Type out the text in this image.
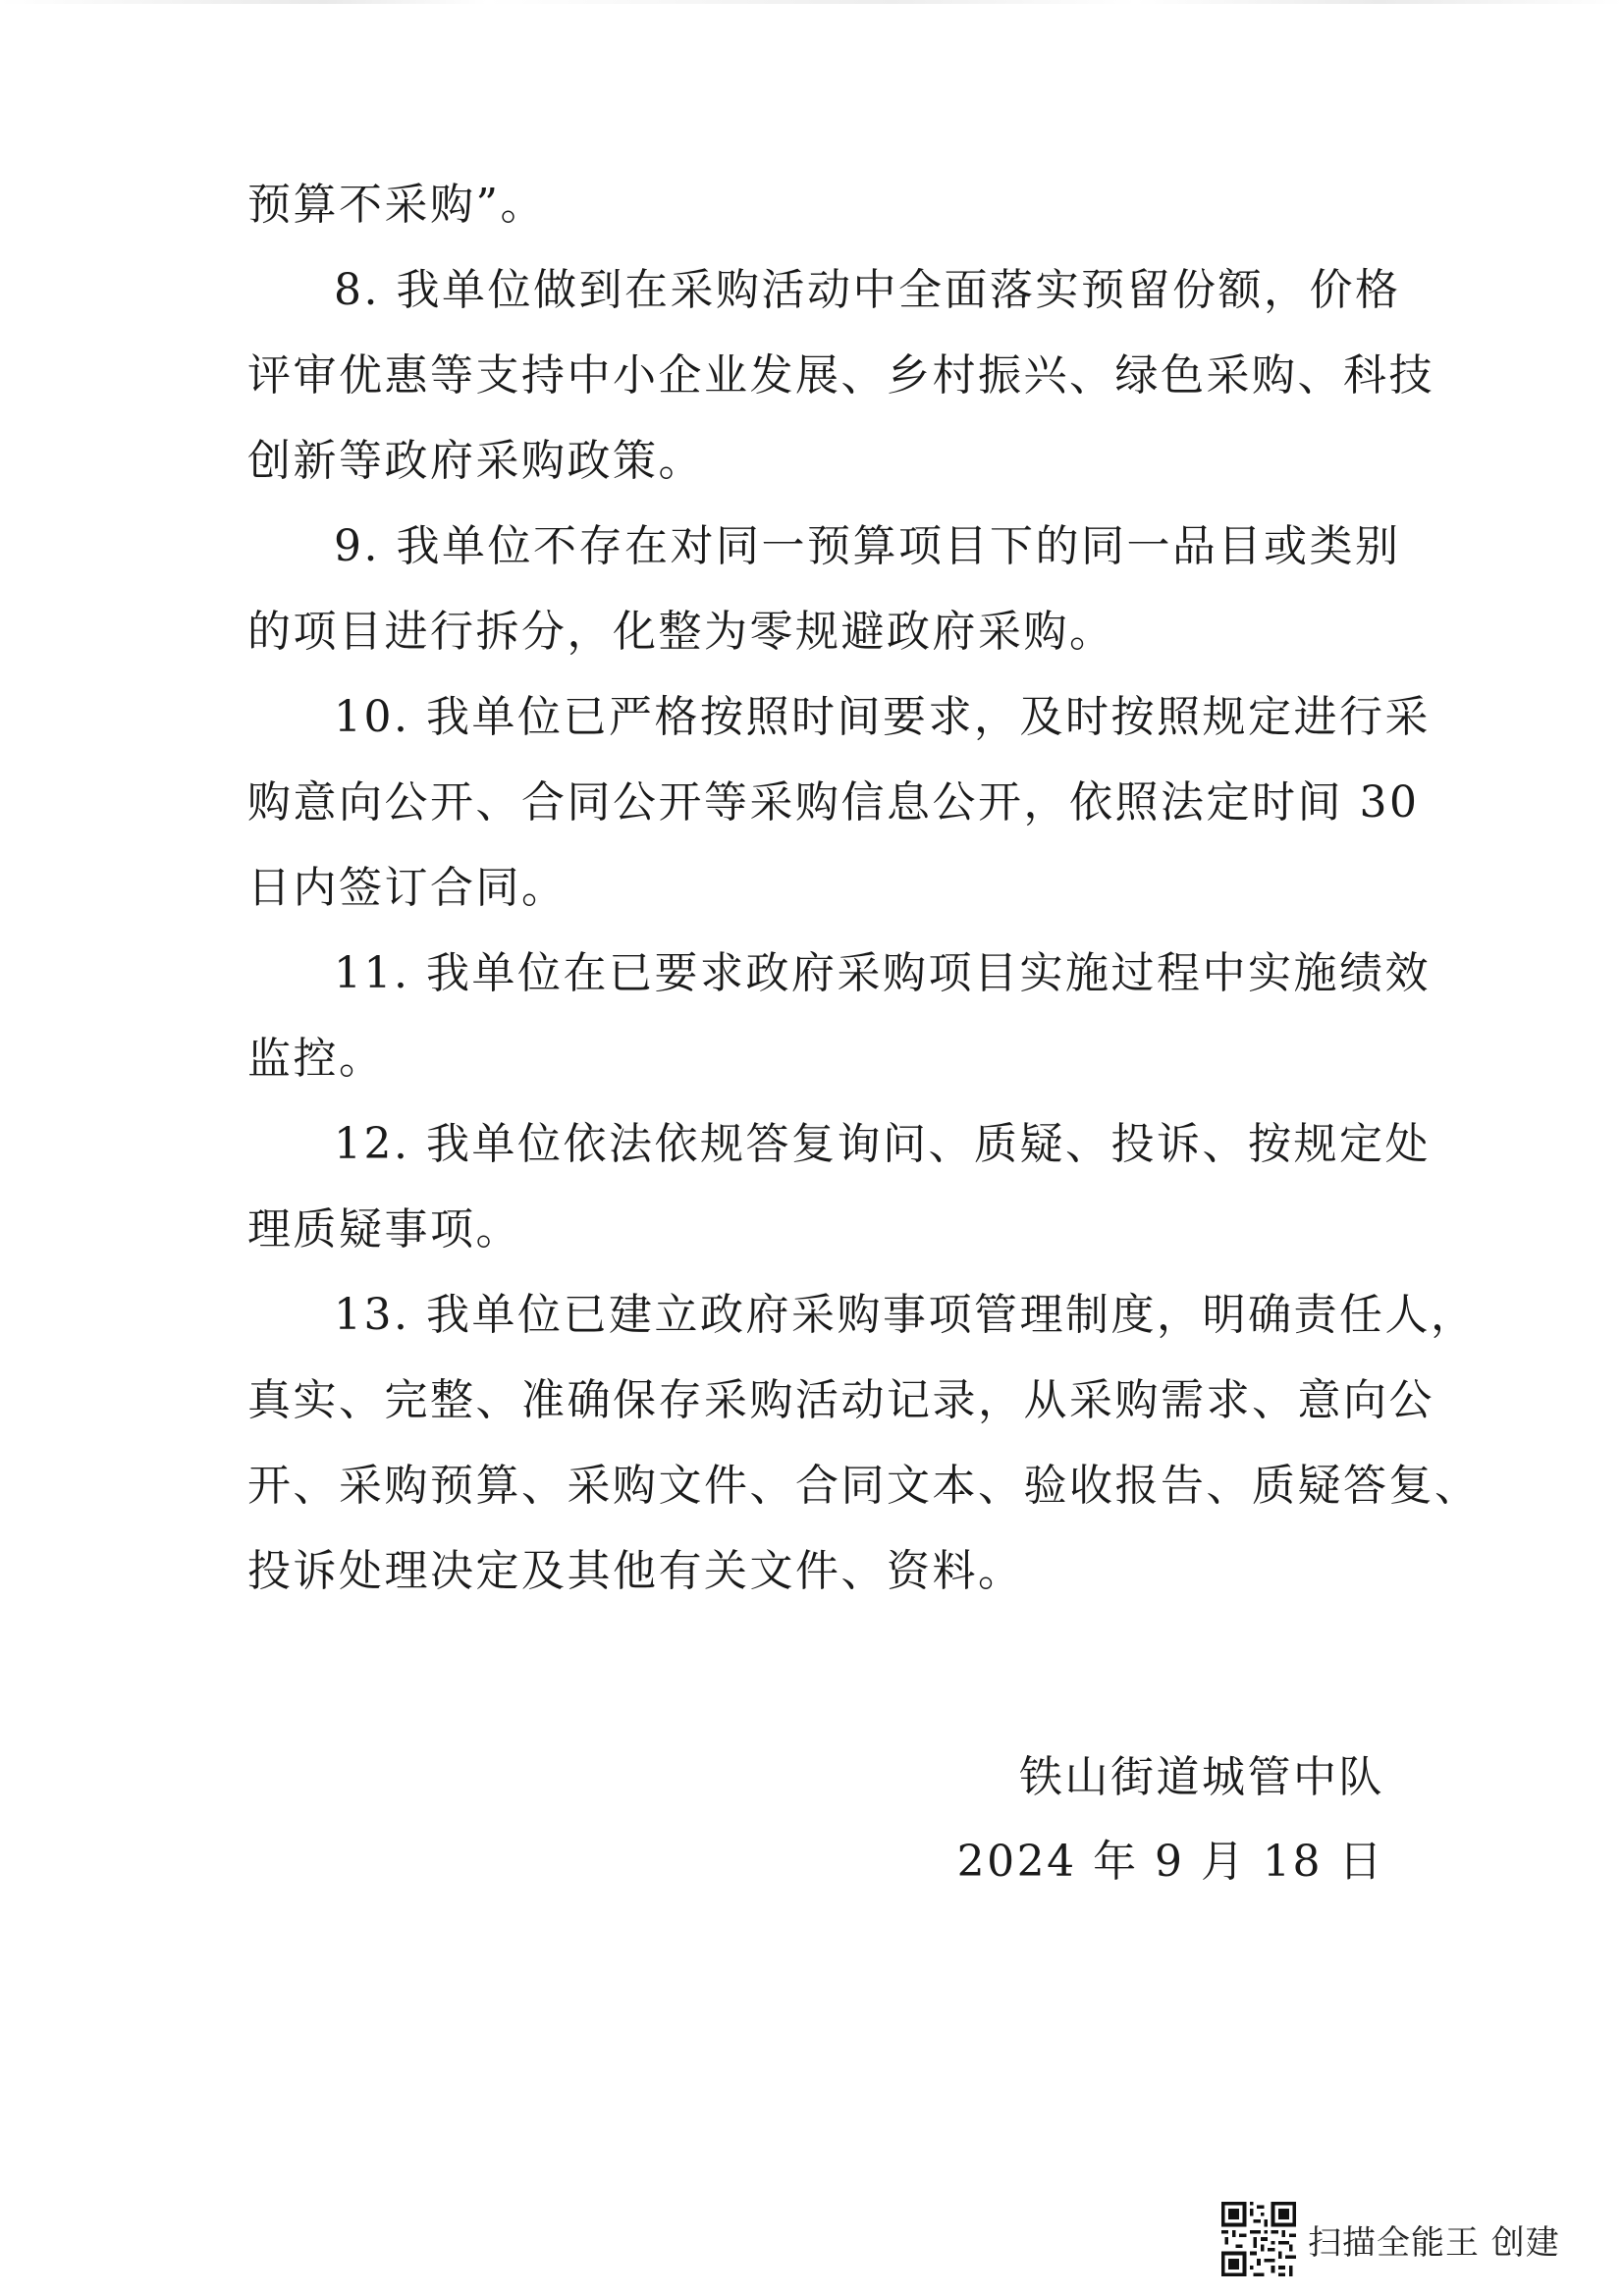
预算不采购”。
8. 我单位做到在采购活动中全面落实预留份额，价格
评审优惠等支持中小企业发展、乡村振兴、绿色采购、科技
创新等政府采购政策。
9. 我单位不存在对同一预算项目下的同一品目或类别
的项目进行拆分，化整为零规避政府采购。
10. 我单位已严格按照时间要求，及时按照规定进行采
购意向公开、合同公开等采购信息公开，依照法定时间 30
日内签订合同。
11. 我单位在已要求政府采购项目实施过程中实施绩效
监控。
12. 我单位依法依规答复询问、质疑、投诉、按规定处
理质疑事项。
13. 我单位已建立政府采购事项管理制度，明确责任人，
真实、完整、准确保存采购活动记录，从采购需求、意向公
开、采购预算、采购文件、合同文本、验收报告、质疑答复、
投诉处理决定及其他有关文件、资料。
铁山街道城管中队
2024 年 9 月 18 日
扫描全能王 创建
